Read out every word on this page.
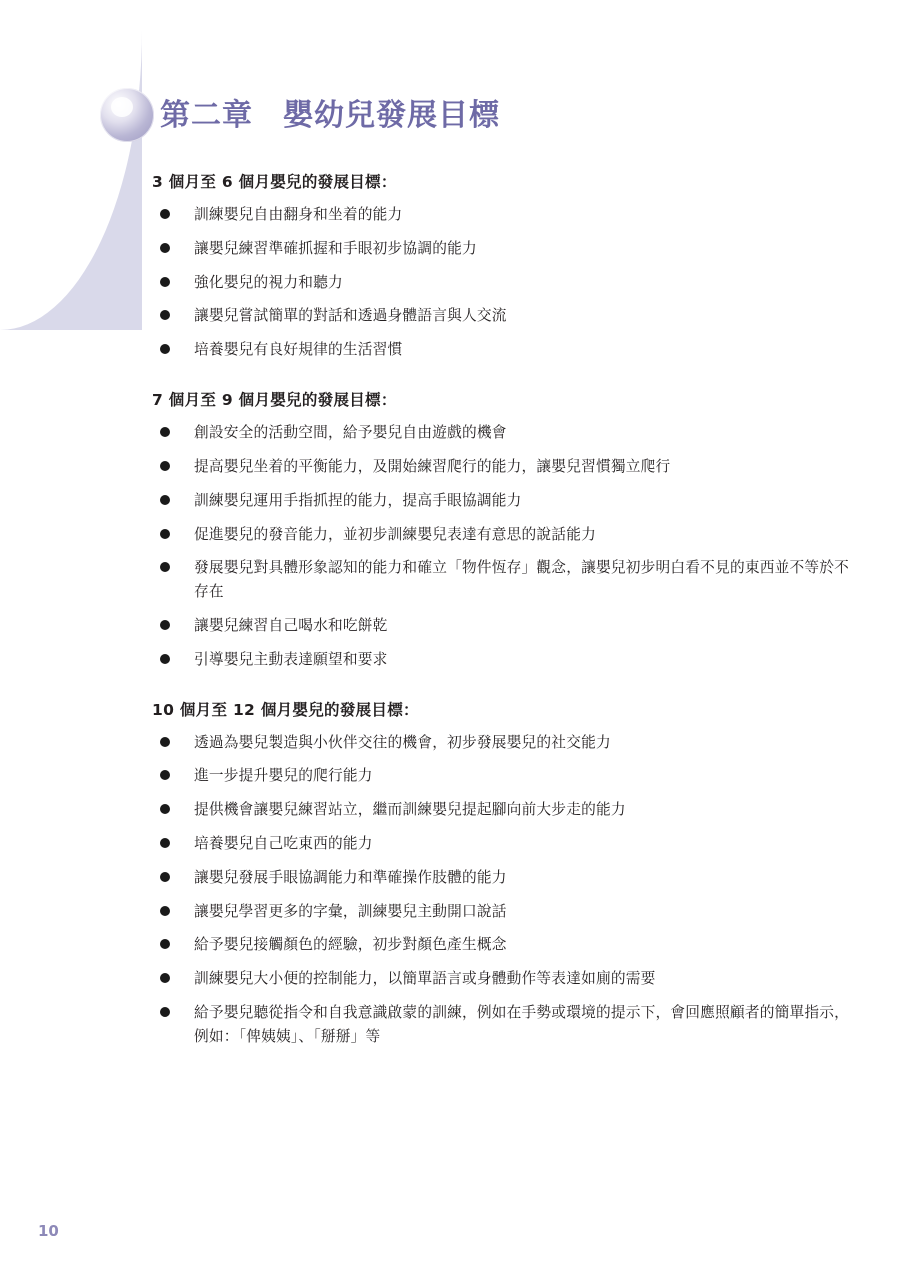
第二章 嬰幼兒發展目標
3 個月至 6 個月嬰兒的發展目標：
訓練嬰兒自由翻身和坐着的能力
讓嬰兒練習準確抓握和手眼初步協調的能力
強化嬰兒的視力和聽力
讓嬰兒嘗試簡單的對話和透過身體語言與人交流
培養嬰兒有良好規律的生活習慣
7 個月至 9 個月嬰兒的發展目標：
創設安全的活動空間，給予嬰兒自由遊戲的機會
提高嬰兒坐着的平衡能力，及開始練習爬行的能力，讓嬰兒習慣獨立爬行
訓練嬰兒運用手指抓捏的能力，提高手眼協調能力
促進嬰兒的發音能力，並初步訓練嬰兒表達有意思的說話能力
發展嬰兒對具體形象認知的能力和確立「物件恆存」觀念，讓嬰兒初步明白看不見的東西並不等於不存在
讓嬰兒練習自己喝水和吃餅乾
引導嬰兒主動表達願望和要求
10 個月至 12 個月嬰兒的發展目標：
透過為嬰兒製造與小伙伴交往的機會，初步發展嬰兒的社交能力
進一步提升嬰兒的爬行能力
提供機會讓嬰兒練習站立，繼而訓練嬰兒提起腳向前大步走的能力
培養嬰兒自己吃東西的能力
讓嬰兒發展手眼協調能力和準確操作肢體的能力
讓嬰兒學習更多的字彙，訓練嬰兒主動開口說話
給予嬰兒接觸顏色的經驗，初步對顏色產生概念
訓練嬰兒大小便的控制能力，以簡單語言或身體動作等表達如廁的需要
給予嬰兒聽從指令和自我意識啟蒙的訓練，例如在手勢或環境的提示下，會回應照顧者的簡單指示， 例如：「俾姨姨」、「掰掰」等
10
